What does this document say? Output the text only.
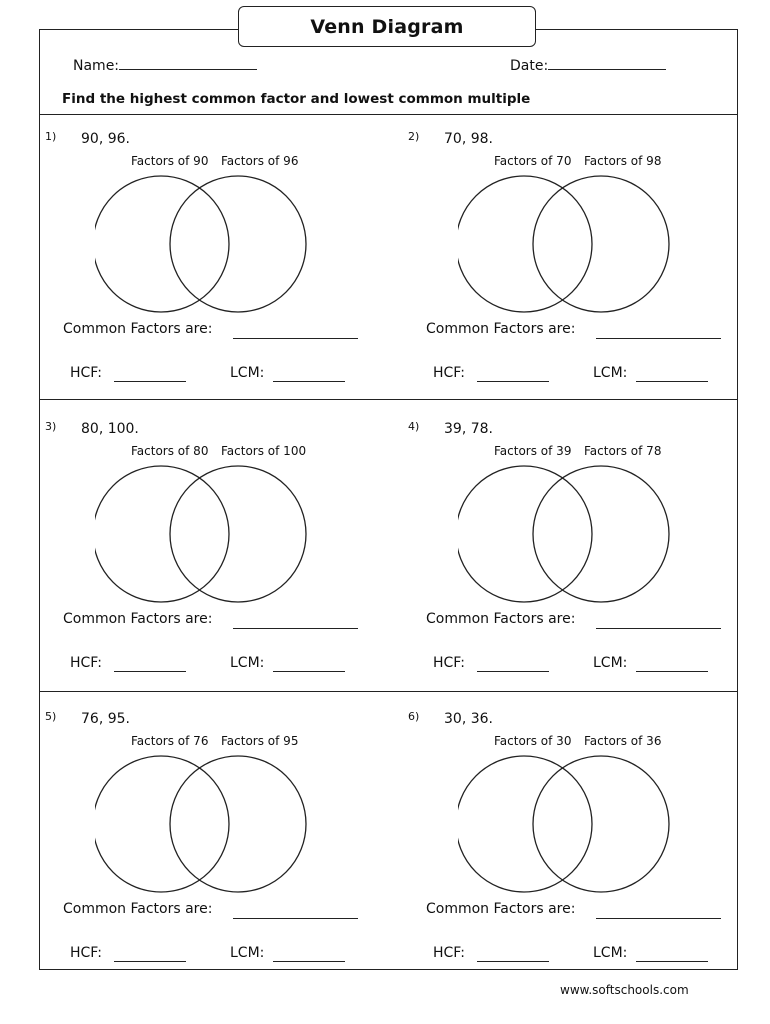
Venn Diagram
Name:	Date:
Find the highest common factor and lowest common multiple
1) 90, 96.
Factors of 90 Factors of 96
Common Factors are:
HCF:	LCM:
2) 70, 98.
Factors of 70 Factors of 98
Common Factors are:
HCF:	LCM:
3) 80, 100.
Factors of 80 Factors of 100
Common Factors are:
HCF:	LCM:
4) 39, 78.
Factors of 39 Factors of 78
Common Factors are:
HCF:	LCM:
5) 76, 95.
Factors of 76 Factors of 95
Common Factors are:
HCF:	LCM:
6) 30, 36.
Factors of 30 Factors of 36
Common Factors are:
HCF:	LCM:
www.softschools.com
